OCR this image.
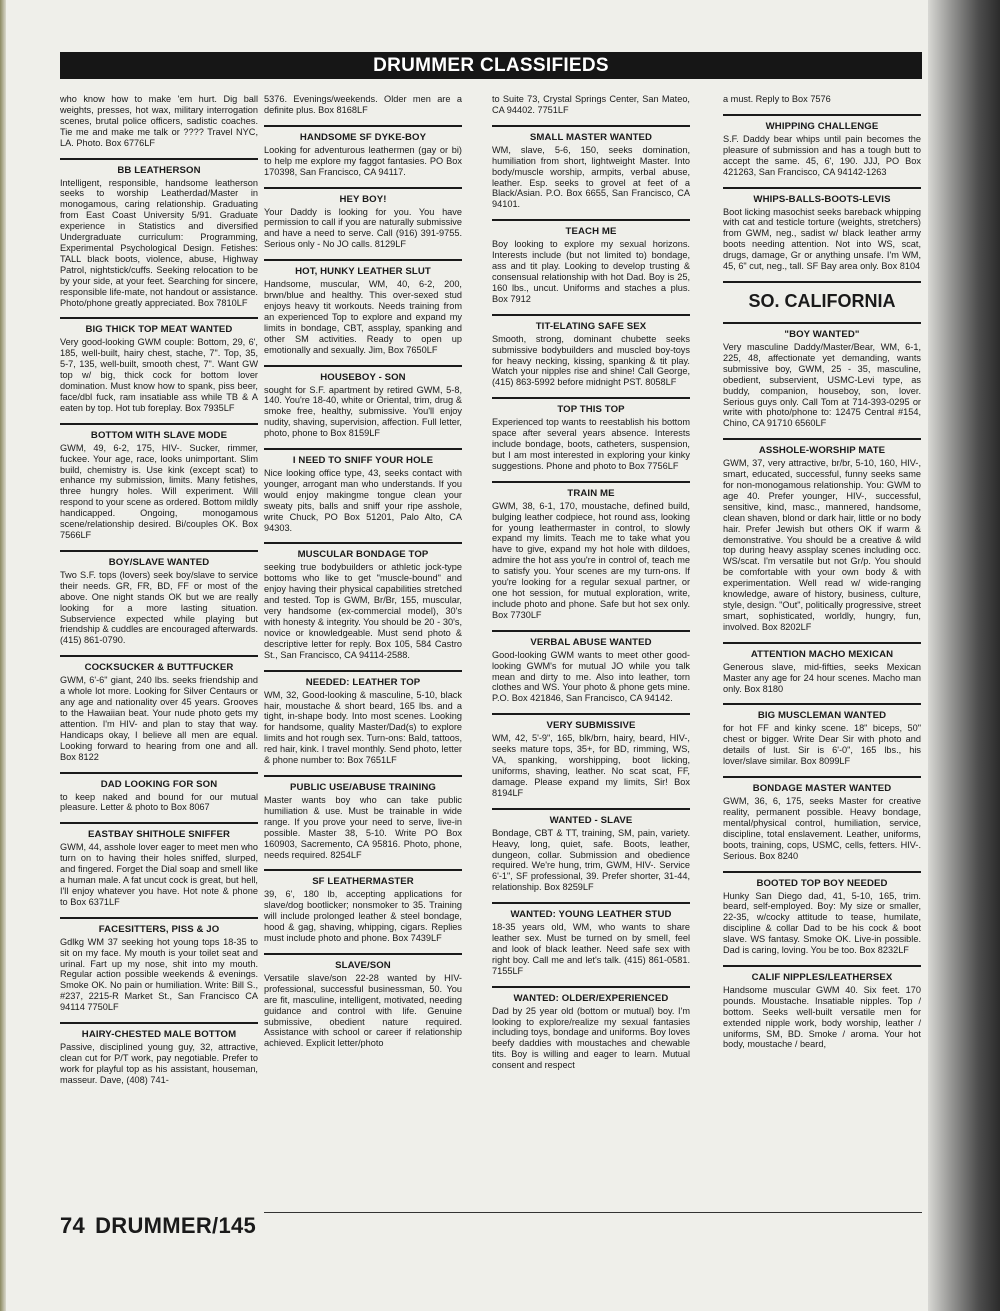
DRUMMER CLASSIFIEDS

who know how to make 'em hurt. Dig ball weights, presses, hot wax, military interrogation scenes, brutal police officers, sadistic coaches. Tie me and make me talk or ???? Travel NYC, LA. Photo. Box 6776LF

BB LEATHERSON

Intelligent, responsible, handsome leatherson seeks to worship Leatherdad/Master in monogamous, caring relationship. Graduating from East Coast University 5/91. Graduate experience in Statistics and diversified Undergraduate curriculum: Programming, Experimental Psychological Design. Fetishes: TALL black boots, violence, abuse, Highway Patrol, nightstick/cuffs. Seeking relocation to be by your side, at your feet. Searching for sincere, responsible life-mate, not handout or assistance. Photo/phone greatly appreciated. Box 7810LF

BIG THICK TOP MEAT WANTED

Very good-looking GWM couple: Bottom, 29, 6', 185, well-built, hairy chest, stache, 7". Top, 35, 5-7, 135, well-built, smooth chest, 7". Want GW top w/ big, thick cock for bottom lover domination. Must know how to spank, piss beer, face/dbl fuck, ram insatiable ass while TB & A eaten by top. Hot tub foreplay. Box 7935LF

BOTTOM WITH SLAVE MODE

GWM, 49, 6-2, 175, HIV-. Sucker, rimmer, fuckee. Your age, race, looks unimportant. Slim build, chemistry is. Use kink (except scat) to enhance my submission, limits. Many fetishes, three hungry holes. Will experiment. Will respond to your scene as ordered. Bottom mildly handicapped. Ongoing, monogamous scene/relationship desired. Bi/couples OK. Box 7566LF

BOY/SLAVE WANTED

Two S.F. tops (lovers) seek boy/slave to service their needs. GR, FR, BD, FF or most of the above. One night stands OK but we are really looking for a more lasting situation. Subservience expected while playing but friendship & cuddles are encouraged afterwards. (415) 861-0790.

COCKSUCKER & BUTTFUCKER

GWM, 6'-6" giant, 240 lbs. seeks friendship and a whole lot more. Looking for Silver Centaurs or any age and nationality over 45 years. Grooves to the Hawaiian beat. Your nude photo gets my attention. I'm HIV- and plan to stay that way. Handicaps okay, I believe all men are equal. Looking forward to hearing from one and all. Box 8122

DAD LOOKING FOR SON

to keep naked and bound for our mutual pleasure. Letter & photo to Box 8067

EASTBAY SHITHOLE SNIFFER

GWM, 44, asshole lover eager to meet men who turn on to having their holes sniffed, slurped, and fingered. Forget the Dial soap and smell like a human male. A fat uncut cock is great, but hell, I'll enjoy whatever you have. Hot note & phone to Box 6371LF

FACESITTERS, PISS & JO

Gdlkg WM 37 seeking hot young tops 18-35 to sit on my face. My mouth is your toilet seat and urinal. Fart up my nose, shit into my mouth. Regular action possible weekends & evenings. Smoke OK. No pain or humiliation. Write: Bill S., #237, 2215-R Market St., San Francisco CA 94114 7750LF

HAIRY-CHESTED MALE BOTTOM

Passive, disciplined young guy, 32, attractive, clean cut for P/T work, pay negotiable. Prefer to work for playful top as his assistant, houseman, masseur. Dave, (408) 741-

5376. Evenings/weekends. Older men are a definite plus. Box 8168LF

HANDSOME SF DYKE-BOY

Looking for adventurous leathermen (gay or bi) to help me explore my faggot fantasies. PO Box 170398, San Francisco, CA 94117.

HEY BOY!

Your Daddy is looking for you. You have permission to call if you are naturally submissive and have a need to serve. Call (916) 391-9755. Serious only - No JO calls. 8129LF

HOT, HUNKY LEATHER SLUT

Handsome, muscular, WM, 40, 6-2, 200, brwn/blue and healthy. This over-sexed stud enjoys heavy tit workouts. Needs training from an experienced Top to explore and expand my limits in bondage, CBT, assplay, spanking and other SM activities. Ready to open up emotionally and sexually. Jim, Box 7650LF

HOUSEBOY - SON

sought for S.F. apartment by retired GWM, 5-8, 140. You're 18-40, white or Oriental, trim, drug & smoke free, healthy, submissive. You'll enjoy nudity, shaving, supervision, affection. Full letter, photo, phone to Box 8159LF

I NEED TO SNIFF YOUR HOLE

Nice looking office type, 43, seeks contact with younger, arrogant man who understands. If you would enjoy makingme tongue clean your sweaty pits, balls and sniff your ripe asshole, write Chuck, PO Box 51201, Palo Alto, CA 94303.

MUSCULAR BONDAGE TOP

seeking true bodybuilders or athletic jock-type bottoms who like to get "muscle-bound" and enjoy having their physical capabilities stretched and tested. Top is GWM, Br/Br, 155, muscular, very handsome (ex-commercial model), 30's with honesty & integrity. You should be 20 - 30's, novice or knowledgeable. Must send photo & descriptive letter for reply. Box 105, 584 Castro St., San Francisco, CA 94114-2588.

NEEDED: LEATHER TOP

WM, 32, Good-looking & masculine, 5-10, black hair, moustache & short beard, 165 lbs. and a tight, in-shape body. Into most scenes. Looking for handsome, quality Master/Dad(s) to explore limits and hot rough sex. Turn-ons: Bald, tattoos, red hair, kink. I travel monthly. Send photo, letter & phone number to: Box 7651LF

PUBLIC USE/ABUSE TRAINING

Master wants boy who can take public humiliation & use. Must be trainable in wide range. If you prove your need to serve, live-in possible. Master 38, 5-10. Write PO Box 160903, Sacremento, CA 95816. Photo, phone, needs required. 8254LF

SF LEATHERMASTER

39, 6', 180 lb, accepting applications for slave/dog bootlicker; nonsmoker to 35. Training will include prolonged leather & steel bondage, hood & gag, shaving, whipping, cigars. Replies must include photo and phone. Box 7439LF

SLAVE/SON

Versatile slave/son 22-28 wanted by HIV- professional, successful businessman, 50. You are fit, masculine, intelligent, motivated, needing guidance and control with life. Genuine submissive, obedient nature required. Assistance with school or career if relationship achieved. Explicit letter/photo

to Suite 73, Crystal Springs Center, San Mateo, CA 94402. 7751LF

SMALL MASTER WANTED

WM, slave, 5-6, 150, seeks domination, humiliation from short, lightweight Master. Into body/muscle worship, armpits, verbal abuse, leather. Esp. seeks to grovel at feet of a Black/Asian. P.O. Box 6655, San Francisco, CA 94101.

TEACH ME

Boy looking to explore my sexual horizons. Interests include (but not limited to) bondage, ass and tit play. Looking to develop trusting & consensual relationship with hot Dad. Boy is 25, 160 lbs., uncut. Uniforms and staches a plus. Box 7912

TIT-ELATING SAFE SEX

Smooth, strong, dominant chubette seeks submissive bodybuilders and muscled boy-toys for heavy necking, kissing, spanking & tit play. Watch your nipples rise and shine! Call George, (415) 863-5992 before midnight PST. 8058LF

TOP THIS TOP

Experienced top wants to reestablish his bottom space after several years absence. Interests include bondage, boots, catheters, suspension, but I am most interested in exploring your kinky suggestions. Phone and photo to Box 7756LF

TRAIN ME

GWM, 38, 6-1, 170, moustache, defined build, bulging leather codpiece, hot round ass, looking for young leathermaster in control, to slowly expand my limits. Teach me to take what you have to give, expand my hot hole with dildoes, admire the hot ass you're in control of, teach me to satisfy you. Your scenes are my turn-ons. If you're looking for a regular sexual partner, or one hot session, for mutual exploration, write, include photo and phone. Safe but hot sex only. Box 7730LF

VERBAL ABUSE WANTED

Good-looking GWM wants to meet other good-looking GWM's for mutual JO while you talk mean and dirty to me. Also into leather, torn clothes and WS. Your photo & phone gets mine. P.O. Box 421846, San Francisco, CA 94142.

VERY SUBMISSIVE

WM, 42, 5'-9", 165, blk/brn, hairy, beard, HIV-, seeks mature tops, 35+, for BD, rimming, WS, VA, spanking, worshipping, boot licking, uniforms, shaving, leather. No scat scat, FF, damage. Please expand my limits, Sir! Box 8194LF

WANTED - SLAVE

Bondage, CBT & TT, training, SM, pain, variety. Heavy, long, quiet, safe. Boots, leather, dungeon, collar. Submission and obedience required. We're hung, trim, GWM, HIV-. Service 6'-1", SF professional, 39. Prefer shorter, 31-44, relationship. Box 8259LF

WANTED: YOUNG LEATHER STUD

18-35 years old, WM, who wants to share leather sex. Must be turned on by smell, feel and look of black leather. Need safe sex with right boy. Call me and let's talk. (415) 861-0581. 7155LF

WANTED: OLDER/EXPERIENCED

Dad by 25 year old (bottom or mutual) boy. I'm looking to explore/realize my sexual fantasies including toys, bondage and uniforms. Boy loves beefy daddies with moustaches and chewable tits. Boy is willing and eager to learn. Mutual consent and respect

a must. Reply to Box 7576

WHIPPING CHALLENGE

S.F. Daddy bear whips until pain becomes the pleasure of submission and has a tough butt to accept the same. 45, 6', 190. JJJ, PO Box 421263, San Francisco, CA 94142-1263

WHIPS-BALLS-BOOTS-LEVIS

Boot licking masochist seeks bareback whipping with cat and testicle torture (weights, stretchers) from GWM, neg., sadist w/ black leather army boots needing attention. Not into WS, scat, drugs, damage, Gr or anything unsafe. I'm WM, 45, 6" cut, neg., tall. SF Bay area only. Box 8104

SO. CALIFORNIA
"BOY WANTED"

Very masculine Daddy/Master/Bear, WM, 6-1, 225, 48, affectionate yet demanding, wants submissive boy, GWM, 25 - 35, masculine, obedient, subservient, USMC-Levi type, as buddy, companion, houseboy, son, lover. Serious guys only. Call Tom at 714-393-0295 or write with photo/phone to: 12475 Central #154, Chino, CA 91710 6560LF

ASSHOLE-WORSHIP MATE

GWM, 37, very attractive, br/br, 5-10, 160, HIV-, smart, educated, successful, funny seeks same for non-monogamous relationship. You: GWM to age 40. Prefer younger, HIV-, successful, sensitive, kind, masc., mannered, handsome, clean shaven, blond or dark hair, little or no body hair. Prefer Jewish but others OK if warm & demonstrative. You should be a creative & wild top during heavy assplay scenes including occ. WS/scat. I'm versatile but not Gr/p. You should be comfortable with your own body & with experimentation. Well read w/ wide-ranging knowledge, aware of history, business, culture, style, design. "Out", politically progressive, street smart, sophisticated, worldly, hungry, fun, involved. Box 8202LF

ATTENTION MACHO MEXICAN

Generous slave, mid-fifties, seeks Mexican Master any age for 24 hour scenes. Macho man only. Box 8180

BIG MUSCLEMAN WANTED

for hot FF and kinky scene. 18" biceps, 50" chest or bigger. Write Dear Sir with photo and details of lust. Sir is 6'-0", 165 lbs., his lover/slave similar. Box 8099LF

BONDAGE MASTER WANTED

GWM, 36, 6, 175, seeks Master for creative reality, permanent possible. Heavy bondage, mental/physical control, humiliation, service, discipline, total enslavement. Leather, uniforms, boots, training, cops, USMC, cells, fetters. HIV-. Serious. Box 8240

BOOTED TOP BOY NEEDED

Hunky San Diego dad, 41, 5-10, 165, trim. beard, self-employed. Boy: My size or smaller, 22-35, w/cocky attitude to tease, humilate, discipline & collar Dad to be his cock & boot slave. WS fantasy. Smoke OK. Live-in possible. Dad is caring, loving. You be too. Box 8232LF

CALIF NIPPLES/LEATHERSEX

Handsome muscular GWM 40. Six feet. 170 pounds. Moustache. Insatiable nipples. Top / bottom. Seeks well-built versatile men for extended nipple work, body worship, leather / uniforms, SM, BD. Smoke / aroma. Your hot body, moustache / beard,

74 DRUMMER/145
